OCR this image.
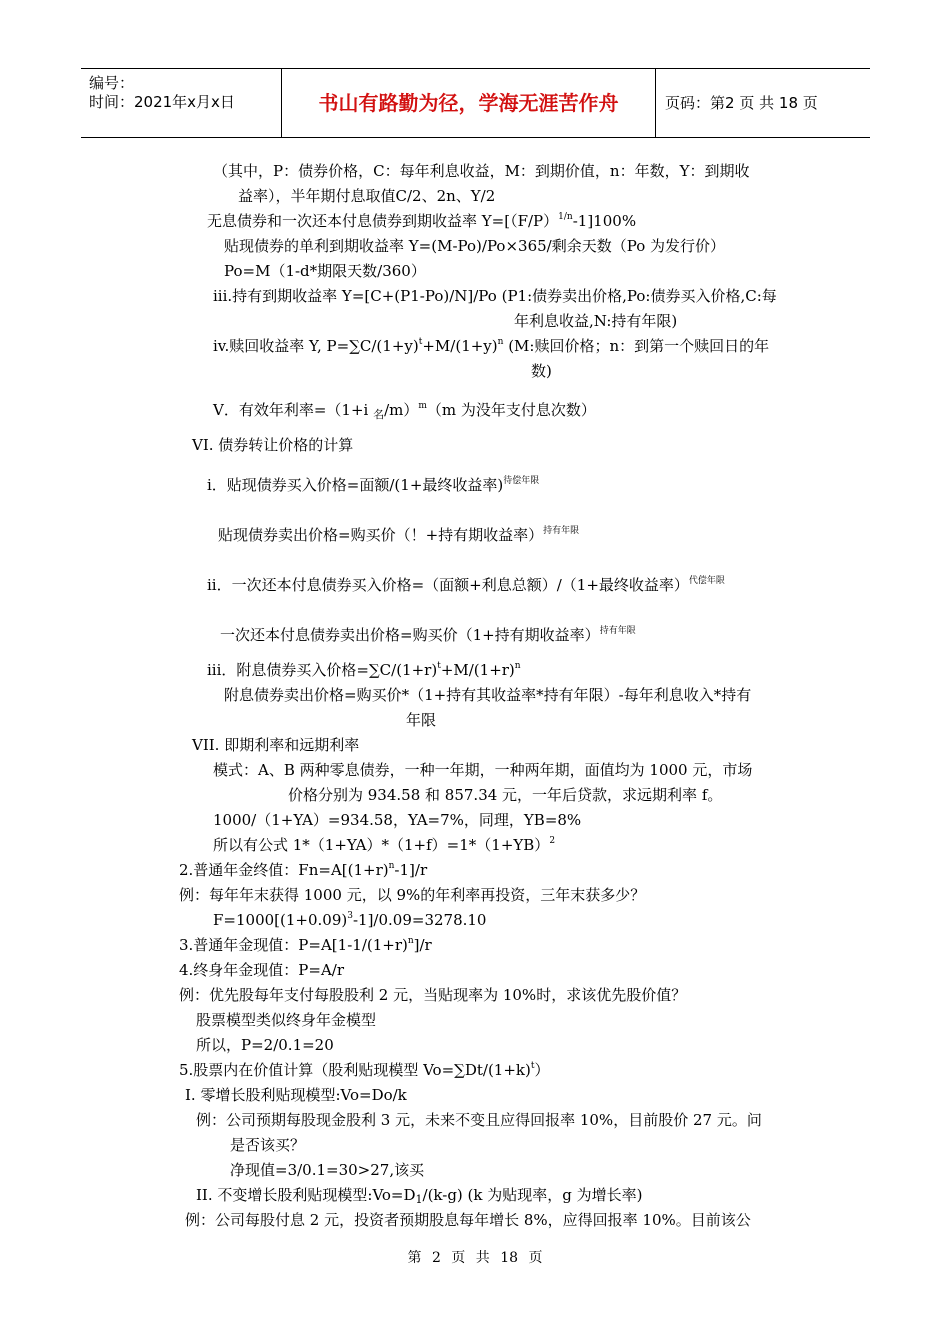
编号：
时间：2021年x月x日	书山有路勤为径，学海无涯苦作舟	页码：第2 页 共 18 页
（其中，P：债券价格，C：每年利息收益，M：到期价值，n：年数，Y：到期收
益率），半年期付息取值C/2、2n、Y/2
无息债券和一次还本付息债券到期收益率 $Y=[(F/P)^{1/n}-1]100\%$
贴现债券的单利到期收益率 Y=(M-Po)/Po×365/剩余天数（Po 为发行价）
Po=M（1-d*期限天数/360）
iii.持有到期收益率 Y=[C+(P1-Po)/N]/Po (P1:债券卖出价格,Po:债券买入价格,C:每
年利息收益,N:持有年限)
iv.赎回收益率 Y, $P=\sum C/(1+y)^t+M/(1+y)^n$ (M:赎回价格；n：到第一个赎回日的年
数)
V．有效年利率=（1+i $_名$/m）$^m$（m 为没年支付息次数）
VI. 债券转让价格的计算
i．贴现债券买入价格=面额/(1+最终收益率)$^{待偿年限}$
贴现债券卖出价格=购买价（！+持有期收益率）$^{持有年限}$
ii．一次还本付息债券买入价格=（面额+利息总额）/（1+最终收益率）$^{代偿年限}$
一次还本付息债券卖出价格=购买价（1+持有期收益率）$^{持有年限}$
iii．附息债券买入价格$=\sum C/(1+r)^t+M/(1+r)^n$
附息债券卖出价格=购买价*（1+持有其收益率*持有年限）-每年利息收入*持有
年限
VII. 即期利率和远期利率
模式：A、B 两种零息债券，一种一年期，一种两年期，面值均为 1000 元，市场
价格分别为 934.58 和 857.34 元，一年后贷款，求远期利率 f。
1000/（1+YA）=934.58，YA=7%，同理，YB=8%
所以有公式 $1*(1+YA)*(1+f)=1*(1+YB)^2$
2.普通年金终值：$Fn=A[(1+r)^n-1]/r$
例：每年年末获得 1000 元，以 9%的年利率再投资，三年末获多少？
$F=1000[(1+0.09)^3-1]/0.09=3278.10$
3.普通年金现值：$P=A[1-1/(1+r)^n]/r$
4.终身年金现值：P=A/r
例：优先股每年支付每股股利 2 元，当贴现率为 10%时，求该优先股价值？
股票模型类似终身年金模型
所以，P=2/0.1=20
5.股票内在价值计算（股利贴现模型 $Vo=\sum Dt/(1+k)^t$）
I. 零增长股利贴现模型:Vo=Do/k
例：公司预期每股现金股利 3 元，未来不变且应得回报率 10%，目前股价 27 元。问
是否该买？
净现值=3/0.1=30>27,该买
II. 不变增长股利贴现模型$:Vo=D_1/(k-g)$ (k 为贴现率，g 为增长率)
例：公司每股付息 2 元，投资者预期股息每年增长 8%，应得回报率 10%。目前该公
第 2 页 共 18 页
